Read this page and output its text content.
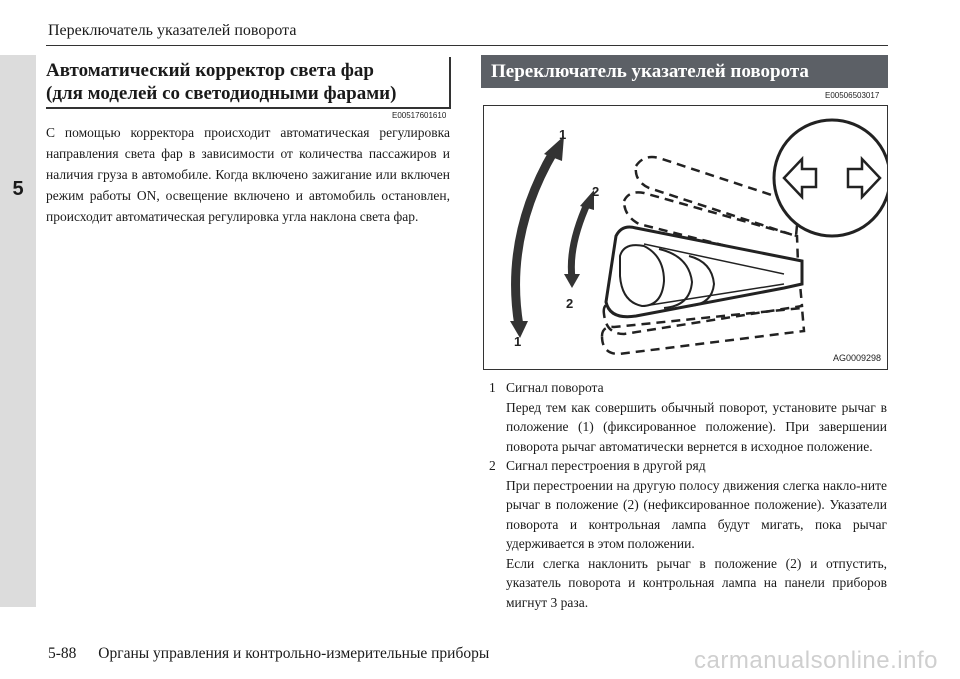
5
Переключатель указателей поворота
Автоматический корректор света фар
(для моделей со светодиодными фарами)
E00517601610
С помощью корректора происходит автоматическая регулировка направления света фар в зависимости от количества пассажиров и наличия груза в автомобиле. Когда включено зажигание или включен режим работы ON, освещение включено и автомобиль остановлен, происходит автоматическая регулировка угла наклона света фар.
Переключатель указателей поворота
E00506503017
1
2
2
1
AG0009298
1 Сигнал поворота

Перед тем как совершить обычный поворот, установите рычаг в положение (1) (фиксированное положение). При завершении поворота рычаг автоматически вернется в исходное положение.

2 Сигнал перестроения в другой ряд

При перестроении на другую полосу движения слегка накло-ните рычаг в положение (2) (нефиксированное положение). Указатели поворота и контрольная лампа будут мигать, пока рычаг удерживается в этом положении.

Если слегка наклонить рычаг в положение (2) и отпустить, указатель поворота и контрольная лампа на панели приборов мигнут 3 раза.

5-88 Органы управления и контрольно-измерительные приборы	carmanualsonline.info
